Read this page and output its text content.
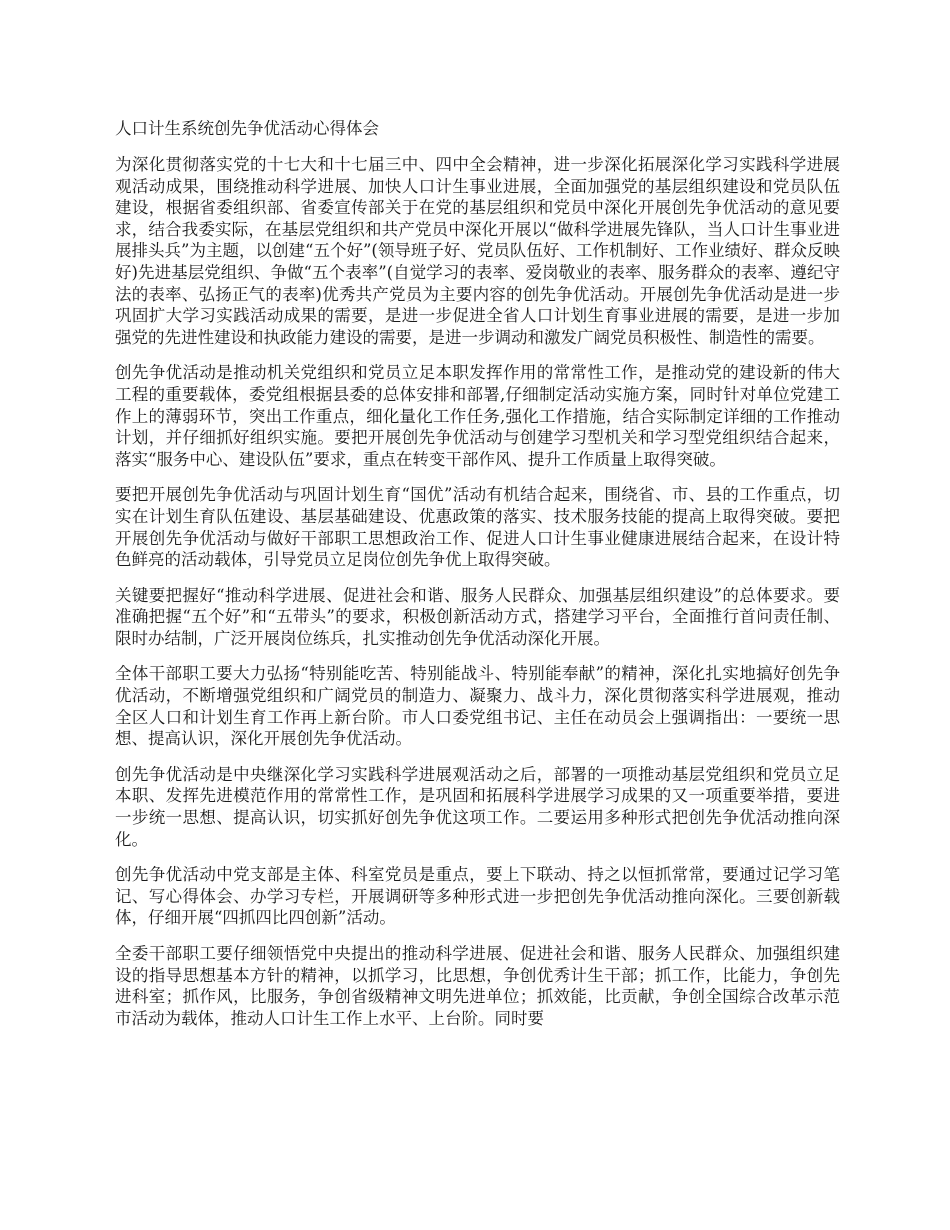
人口计生系统创先争优活动心得体会

为深化贯彻落实党的十七大和十七届三中、四中全会精神，进一步深化拓展深化学习实践科学进展观活动成果，围绕推动科学进展、加快人口计生事业进展，全面加强党的基层组织建设和党员队伍建设，根据省委组织部、省委宣传部关于在党的基层组织和党员中深化开展创先争优活动的意见要求，结合我委实际，在基层党组织和共产党员中深化开展以“做科学进展先锋队，当人口计生事业进展排头兵”为主题，以创建“五个好”(领导班子好、党员队伍好、工作机制好、工作业绩好、群众反映好)先进基层党组织、争做“五个表率”(自觉学习的表率、爱岗敬业的表率、服务群众的表率、遵纪守法的表率、弘扬正气的表率)优秀共产党员为主要内容的创先争优活动。开展创先争优活动是进一步巩固扩大学习实践活动成果的需要，是进一步促进全省人口计划生育事业进展的需要，是进一步加强党的先进性建设和执政能力建设的需要，是进一步调动和激发广阔党员积极性、制造性的需要。

创先争优活动是推动机关党组织和党员立足本职发挥作用的常常性工作，是推动党的建设新的伟大工程的重要载体，委党组根据县委的总体安排和部署,仔细制定活动实施方案，同时针对单位党建工作上的薄弱环节，突出工作重点，细化量化工作任务,强化工作措施，结合实际制定详细的工作推动计划，并仔细抓好组织实施。要把开展创先争优活动与创建学习型机关和学习型党组织结合起来，落实“服务中心、建设队伍”要求，重点在转变干部作风、提升工作质量上取得突破。

要把开展创先争优活动与巩固计划生育“国优”活动有机结合起来，围绕省、市、县的工作重点，切实在计划生育队伍建设、基层基础建设、优惠政策的落实、技术服务技能的提高上取得突破。要把开展创先争优活动与做好干部职工思想政治工作、促进人口计生事业健康进展结合起来，在设计特色鲜亮的活动载体，引导党员立足岗位创先争优上取得突破。

关键要把握好“推动科学进展、促进社会和谐、服务人民群众、加强基层组织建设”的总体要求。要准确把握“五个好”和“五带头”的要求，积极创新活动方式，搭建学习平台，全面推行首问责任制、限时办结制，广泛开展岗位练兵，扎实推动创先争优活动深化开展。

全体干部职工要大力弘扬“特别能吃苦、特别能战斗、特别能奉献”的精神，深化扎实地搞好创先争优活动，不断增强党组织和广阔党员的制造力、凝聚力、战斗力，深化贯彻落实科学进展观，推动全区人口和计划生育工作再上新台阶。市人口委党组书记、主任在动员会上强调指出：一要统一思想、提高认识，深化开展创先争优活动。

创先争优活动是中央继深化学习实践科学进展观活动之后，部署的一项推动基层党组织和党员立足本职、发挥先进模范作用的常常性工作，是巩固和拓展科学进展学习成果的又一项重要举措，要进一步统一思想、提高认识，切实抓好创先争优这项工作。二要运用多种形式把创先争优活动推向深化。

创先争优活动中党支部是主体、科室党员是重点，要上下联动、持之以恒抓常常，要通过记学习笔记、写心得体会、办学习专栏，开展调研等多种形式进一步把创先争优活动推向深化。三要创新载体，仔细开展“四抓四比四创新”活动。

全委干部职工要仔细领悟党中央提出的推动科学进展、促进社会和谐、服务人民群众、加强组织建设的指导思想基本方针的精神，以抓学习，比思想，争创优秀计生干部；抓工作，比能力，争创先进科室；抓作风，比服务，争创省级精神文明先进单位；抓效能，比贡献，争创全国综合改革示范市活动为载体，推动人口计生工作上水平、上台阶。同时要
